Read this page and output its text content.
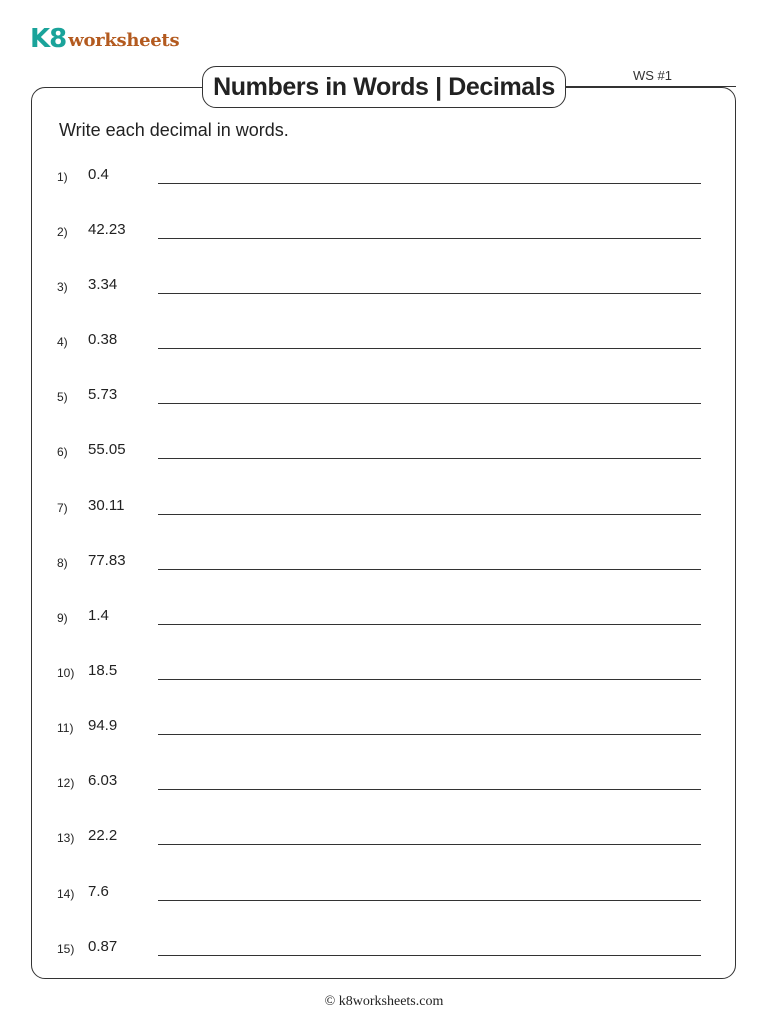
K8 worksheets
Numbers in Words | Decimals	WS #1
Write each decimal in words.
1) 0.4
2) 42.23
3) 3.34
4) 0.38
5) 5.73
6) 55.05
7) 30.11
8) 77.83
9) 1.4
10) 18.5
11) 94.9
12) 6.03
13) 22.2
14) 7.6
15) 0.87
© k8worksheets.com
